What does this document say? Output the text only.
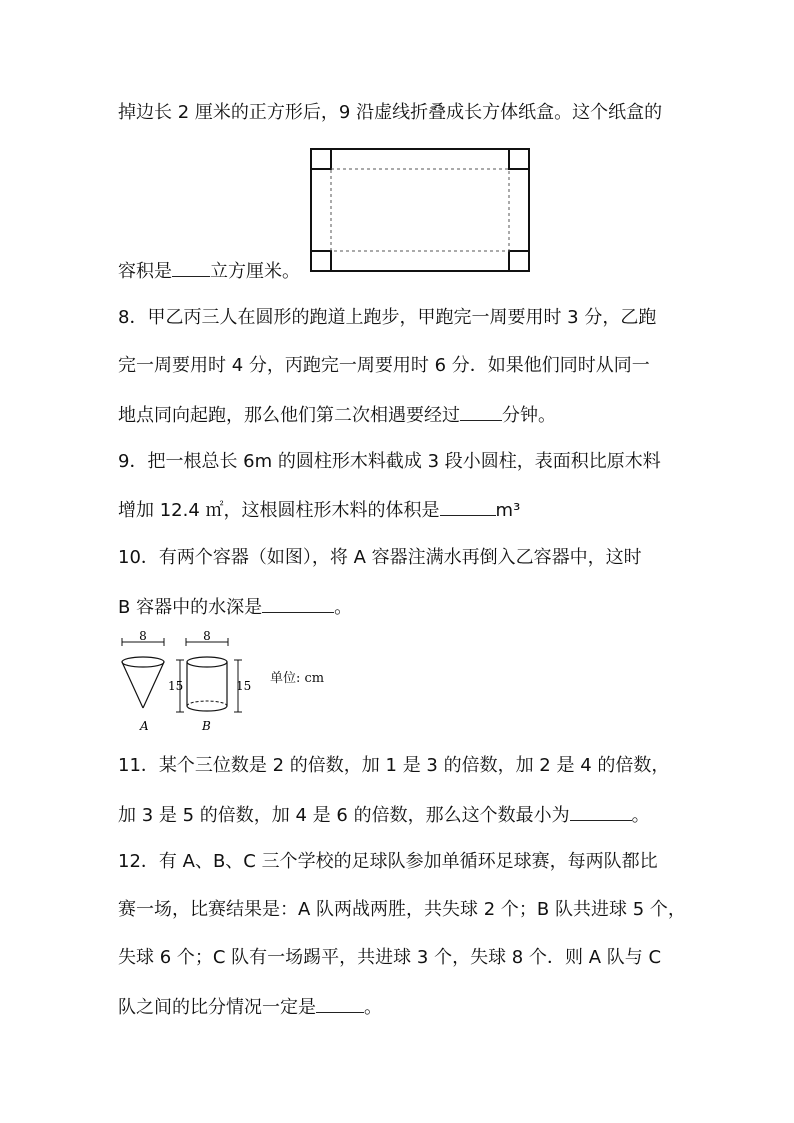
掉边长 2 厘米的正方形后，9 沿虚线折叠成长方体纸盒。这个纸盒的
容积是 立方厘米。
8．甲乙丙三人在圆形的跑道上跑步，甲跑完一周要用时 3 分，乙跑
完一周要用时 4 分，丙跑完一周要用时 6 分．如果他们同时从同一
地点同向起跑，那么他们第二次相遇要经过 分钟。
9．把一根总长 6m 的圆柱形木料截成 3 段小圆柱，表面积比原木料
增加 12.4 ㎡，这根圆柱形木料的体积是	m³
10．有两个容器（如图），将 A 容器注满水再倒入乙容器中，这时
B 容器中的水深是	。
8
15
A
8
15
B
单位: cm
11．某个三位数是 2 的倍数，加 1 是 3 的倍数，加 2 是 4 的倍数，
加 3 是 5 的倍数，加 4 是 6 的倍数，那么这个数最小为	。
12．有 A、B、C 三个学校的足球队参加单循环足球赛，每两队都比
赛一场，比赛结果是：A 队两战两胜，共失球 2 个；B 队共进球 5 个，
失球 6 个；C 队有一场踢平，共进球 3 个，失球 8 个．则 A 队与 C
队之间的比分情况一定是	。
